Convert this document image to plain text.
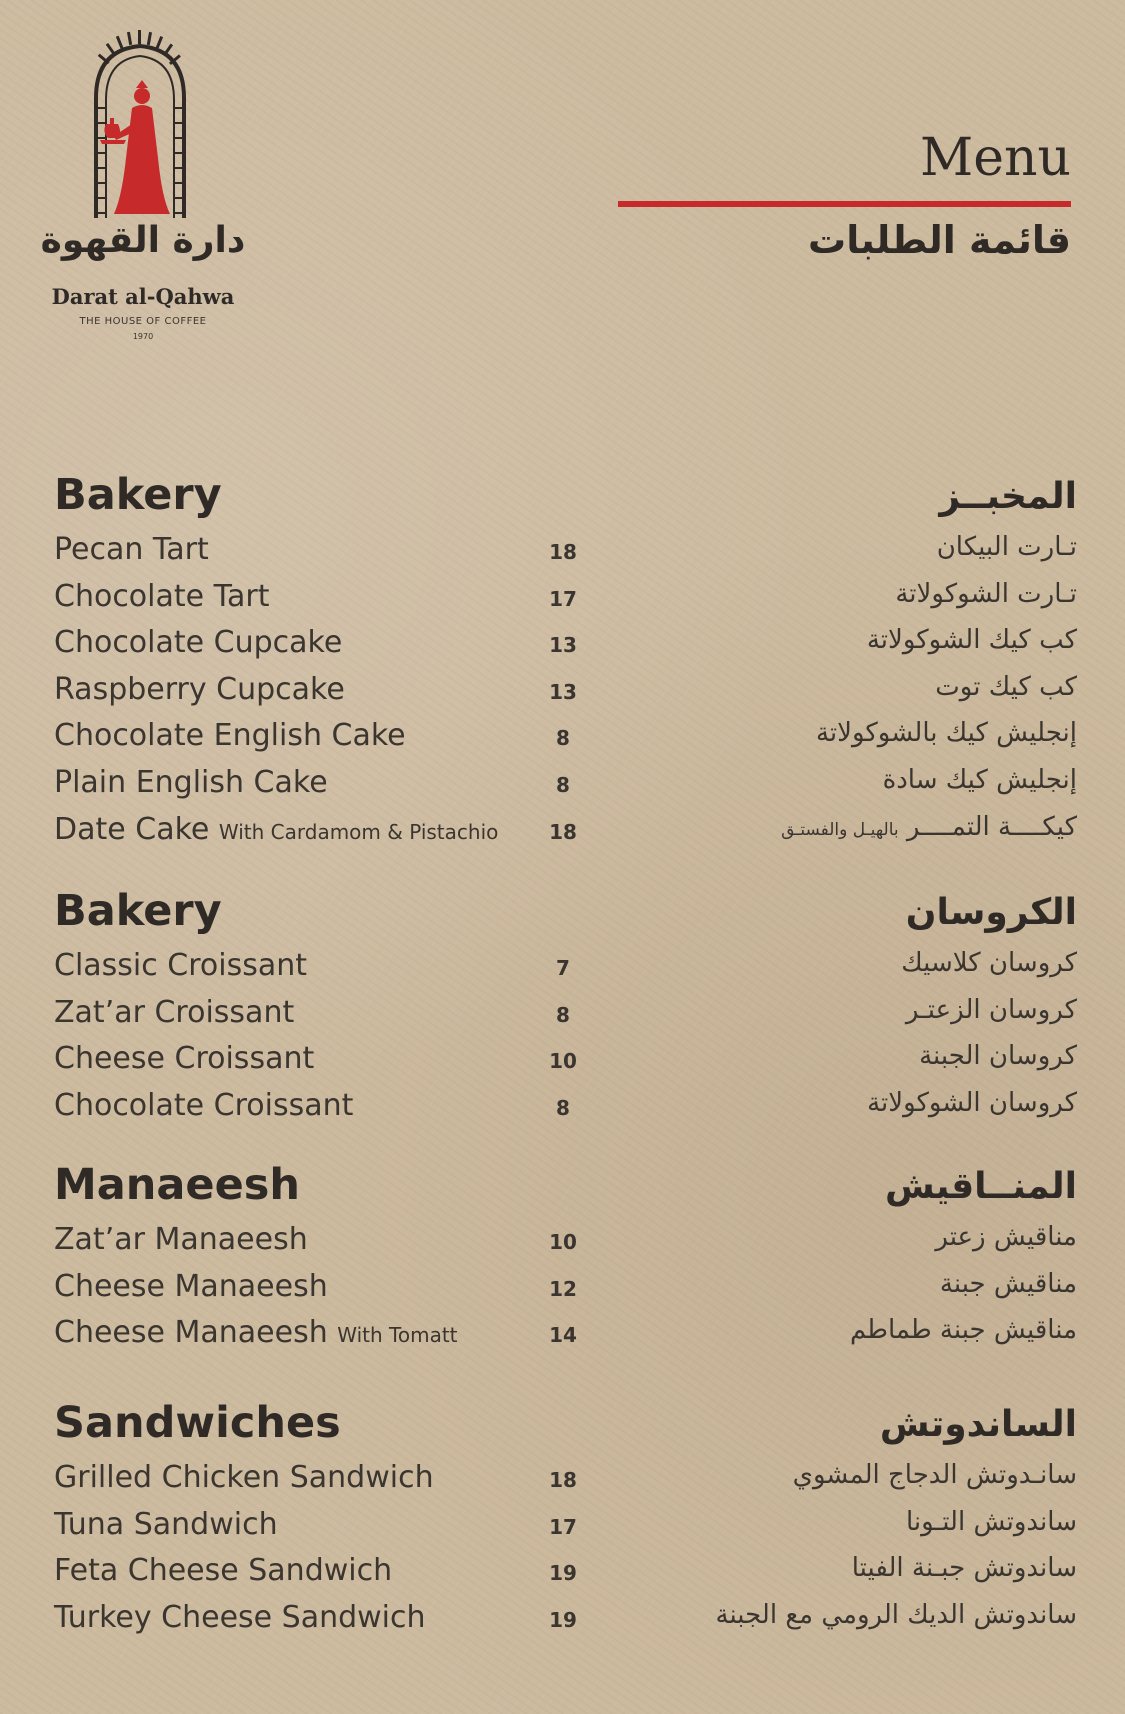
دارة القهوة
Darat al-Qahwa
THE HOUSE OF COFFEE
1970
Menu
قائمة الطلبات
Bakery	المخبــز
Pecan Tart	18	تـارت البيكان
Chocolate Tart	17	تـارت الشوكولاتة
Chocolate Cupcake	13	كب كيك الشوكولاتة
Raspberry Cupcake	13	كب كيك توت
Chocolate English Cake	8	إنجليش كيك بالشوكولاتة
Plain English Cake	8	إنجليش كيك سادة
Date Cake With Cardamom & Pistachio	18	كيكــــة التمــــر بالهيـل والفستـق
Bakery	الكروسان
Classic Croissant	7	كروسان كلاسيك
Zat’ar Croissant	8	كروسان الزعتـر
Cheese Croissant	10	كروسان الجبنة
Chocolate Croissant	8	كروسان الشوكولاتة
Manaeesh	المنــاقيش
Zat’ar Manaeesh	10	مناقيش زعتر
Cheese Manaeesh	12	مناقيش جبنة
Cheese Manaeesh With Tomatt	14	مناقيش جبنة طماطم
Sandwiches	الساندوتش
Grilled Chicken Sandwich	18	سانـدوتش الدجاج المشوي
Tuna Sandwich	17	ساندوتش التـونا
Feta Cheese Sandwich	19	ساندوتش جبـنة الفيتا
Turkey Cheese Sandwich	19	ساندوتش الديك الرومي مع الجبنة
